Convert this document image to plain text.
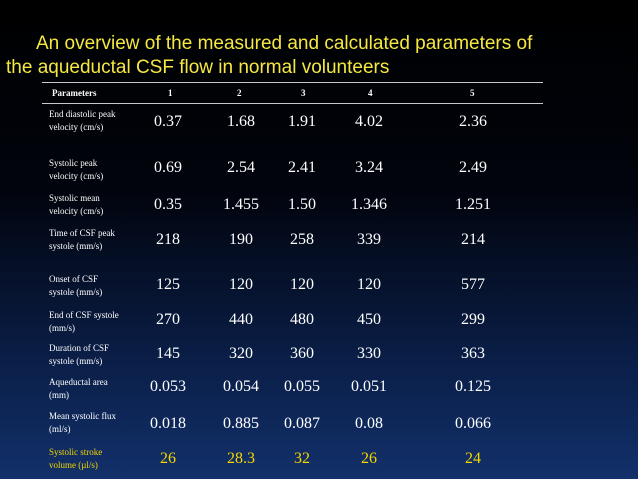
An overview of the measured and calculated parameters of
the aqueductal CSF flow in normal volunteers
Parameters	1	2	3	4	5
End diastolic peak
velocity (cm/s)	0.37	1.68	1.91	4.02	2.36
Systolic peak
velocity (cm/s)	0.69	2.54	2.41	3.24	2.49
Systolic mean
velocity (cm/s)	0.35	1.455	1.50	1.346	1.251
Time of CSF peak
systole (mm/s)	218	190	258	339	214
Onset of CSF
systole (mm/s)	125	120	120	120	577
End of CSF systole
(mm/s)	270	440	480	450	299
Duration of CSF
systole (mm/s)	145	320	360	330	363
Aqueductal area
(mm)	0.053	0.054	0.055	0.051	0.125
Mean systolic flux
(ml/s)	0.018	0.885	0.087	0.08	0.066
Systolic stroke
volume (µl/s)	26	28.3	32	26	24
